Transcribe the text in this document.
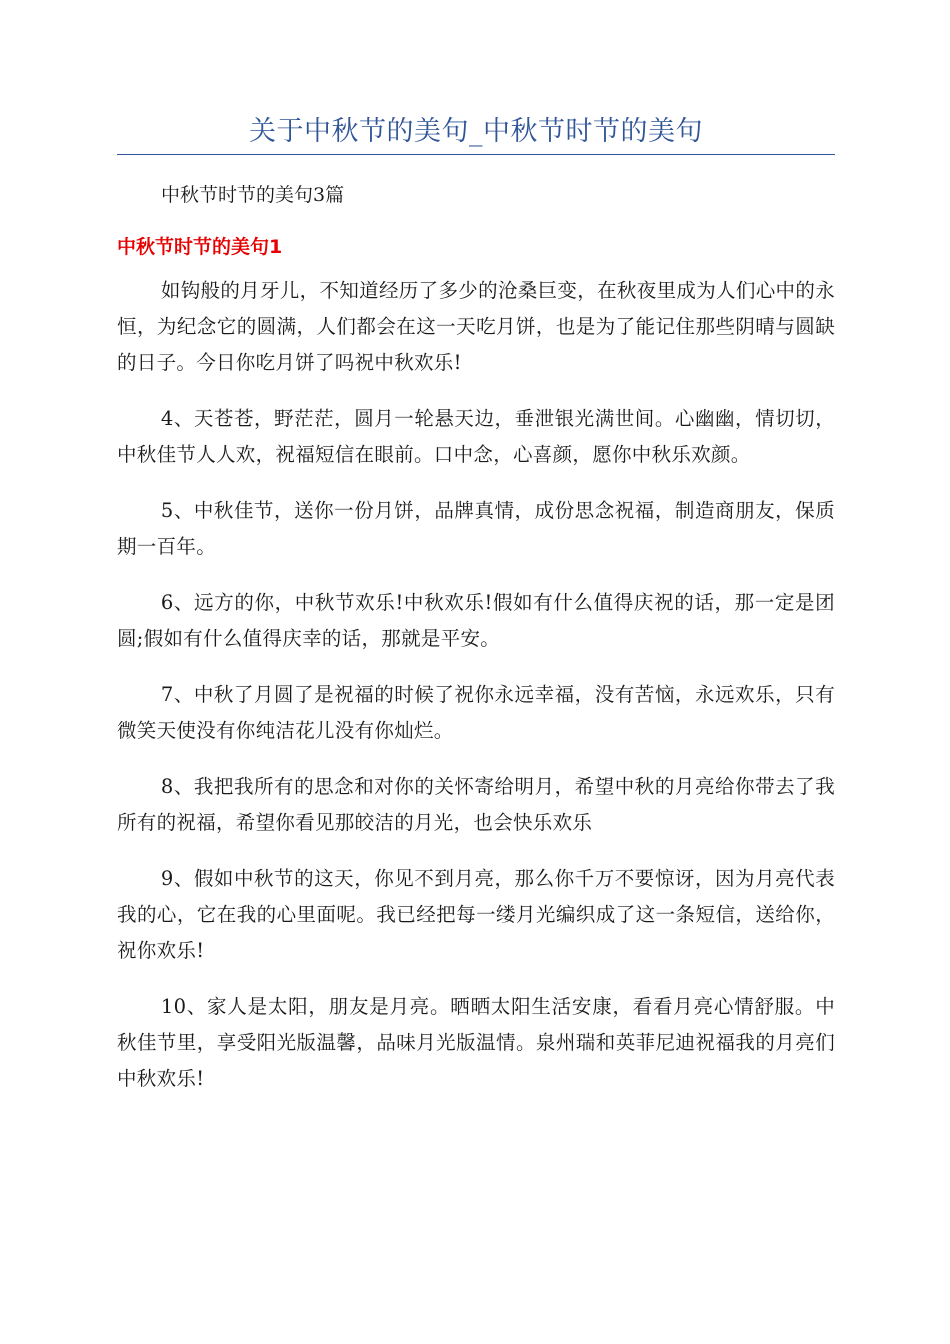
关于中秋节的美句_中秋节时节的美句

中秋节时节的美句3篇

中秋节时节的美句1

如钩般的月牙儿，不知道经历了多少的沧桑巨变，在秋夜里成为人们心中的永恒，为纪念它的圆满，人们都会在这一天吃月饼，也是为了能记住那些阴晴与圆缺的日子。今日你吃月饼了吗祝中秋欢乐!

4、天苍苍，野茫茫，圆月一轮悬天边，垂泄银光满世间。心幽幽，情切切，中秋佳节人人欢，祝福短信在眼前。口中念，心喜颜，愿你中秋乐欢颜。

5、中秋佳节，送你一份月饼，品牌真情，成份思念祝福，制造商朋友，保质期一百年。

6、远方的你，中秋节欢乐!中秋欢乐!假如有什么值得庆祝的话，那一定是团圆;假如有什么值得庆幸的话，那就是平安。

7、中秋了月圆了是祝福的时候了祝你永远幸福，没有苦恼，永远欢乐，只有微笑天使没有你纯洁花儿没有你灿烂。

8、我把我所有的思念和对你的关怀寄给明月，希望中秋的月亮给你带去了我所有的祝福，希望你看见那皎洁的月光，也会快乐欢乐

9、假如中秋节的这天，你见不到月亮，那么你千万不要惊讶，因为月亮代表我的心，它在我的心里面呢。我已经把每一缕月光编织成了这一条短信，送给你，祝你欢乐!

10、家人是太阳，朋友是月亮。晒晒太阳生活安康，看看月亮心情舒服。中秋佳节里，享受阳光版温馨，品味月光版温情。泉州瑞和英菲尼迪祝福我的月亮们中秋欢乐!
